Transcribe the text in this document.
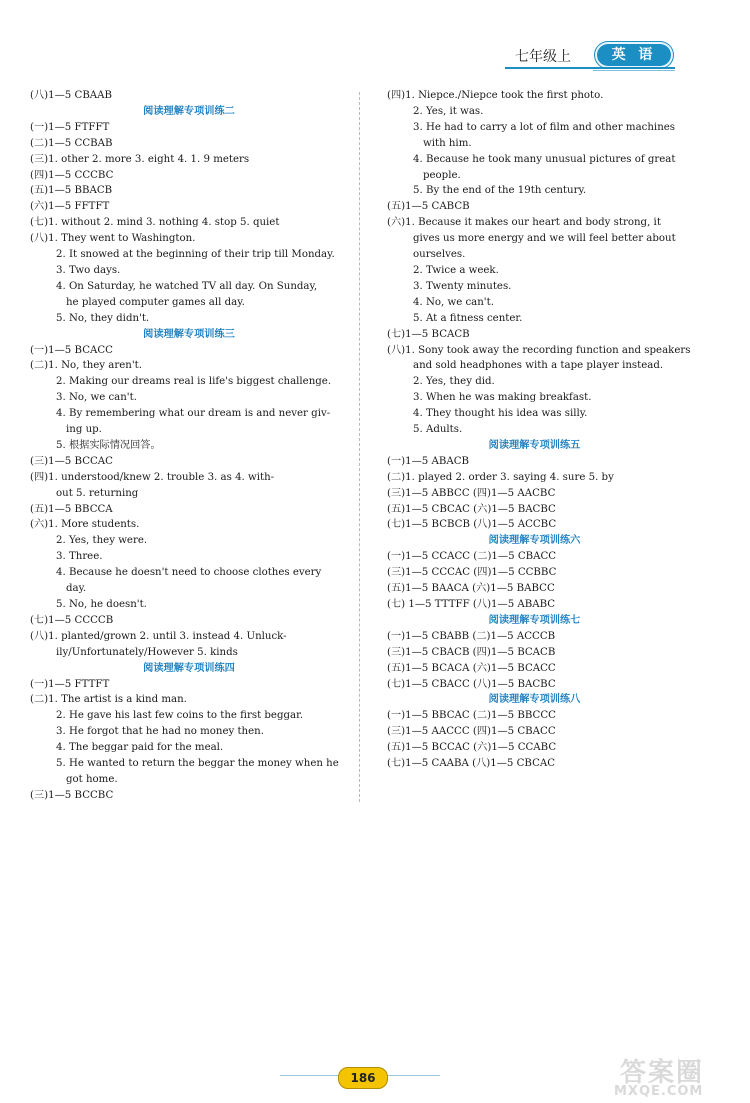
七年级上	英 语
(八)1—5 CBAAB
阅读理解专项训练二
(一)1—5 FTFFT
(二)1—5 CCBAB
(三)1. other 2. more 3. eight 4. 1. 9 meters
(四)1—5 CCCBC
(五)1—5 BBACB
(六)1—5 FFTFT
(七)1. without 2. mind 3. nothing 4. stop 5. quiet
(八)1. They went to Washington.
2. It snowed at the beginning of their trip till Monday.
3. Two days.
4. On Saturday, he watched TV all day. On Sunday,
he played computer games all day.
5. No, they didn't.
阅读理解专项训练三
(一)1—5 BCACC
(二)1. No, they aren't.
2. Making our dreams real is life's biggest challenge.
3. No, we can't.
4. By remembering what our dream is and never giv-
ing up.
5. 根据实际情况回答。
(三)1—5 BCCAC
(四)1. understood/knew 2. trouble 3. as 4. with-
out 5. returning
(五)1—5 BBCCA
(六)1. More students.
2. Yes, they were.
3. Three.
4. Because he doesn't need to choose clothes every
day.
5. No, he doesn't.
(七)1—5 CCCCB
(八)1. planted/grown 2. until 3. instead 4. Unluck-
ily/Unfortunately/However 5. kinds
阅读理解专项训练四
(一)1—5 FTTFT
(二)1. The artist is a kind man.
2. He gave his last few coins to the first beggar.
3. He forgot that he had no money then.
4. The beggar paid for the meal.
5. He wanted to return the beggar the money when he
got home.
(三)1—5 BCCBC
(四)1. Niepce./Niepce took the first photo.
2. Yes, it was.
3. He had to carry a lot of film and other machines
with him.
4. Because he took many unusual pictures of great
people.
5. By the end of the 19th century.
(五)1—5 CABCB
(六)1. Because it makes our heart and body strong, it
gives us more energy and we will feel better about
ourselves.
2. Twice a week.
3. Twenty minutes.
4. No, we can't.
5. At a fitness center.
(七)1—5 BCACB
(八)1. Sony took away the recording function and speakers
and sold headphones with a tape player instead.
2. Yes, they did.
3. When he was making breakfast.
4. They thought his idea was silly.
5. Adults.
阅读理解专项训练五
(一)1—5 ABACB
(二)1. played 2. order 3. saying 4. sure 5. by
(三)1—5 ABBCC (四)1—5 AACBC
(五)1—5 CBCAC (六)1—5 BACBC
(七)1—5 BCBCB (八)1—5 ACCBC
阅读理解专项训练六
(一)1—5 CCACC (二)1—5 CBACC
(三)1—5 CCCAC (四)1—5 CCBBC
(五)1—5 BAACA (六)1—5 BABCC
(七) 1—5 TTTFF (八)1—5 ABABC
阅读理解专项训练七
(一)1—5 CBABB (二)1—5 ACCCB
(三)1—5 CBACB (四)1—5 BCACB
(五)1—5 BCACA (六)1—5 BCACC
(七)1—5 CBACC (八)1—5 BACBC
阅读理解专项训练八
(一)1—5 BBCAC (二)1—5 BBCCC
(三)1—5 AACCC (四)1—5 CBACC
(五)1—5 BCCAC (六)1—5 CCABC
(七)1—5 CAABA (八)1—5 CBCAC
186	答案圈
MXQE.COM
